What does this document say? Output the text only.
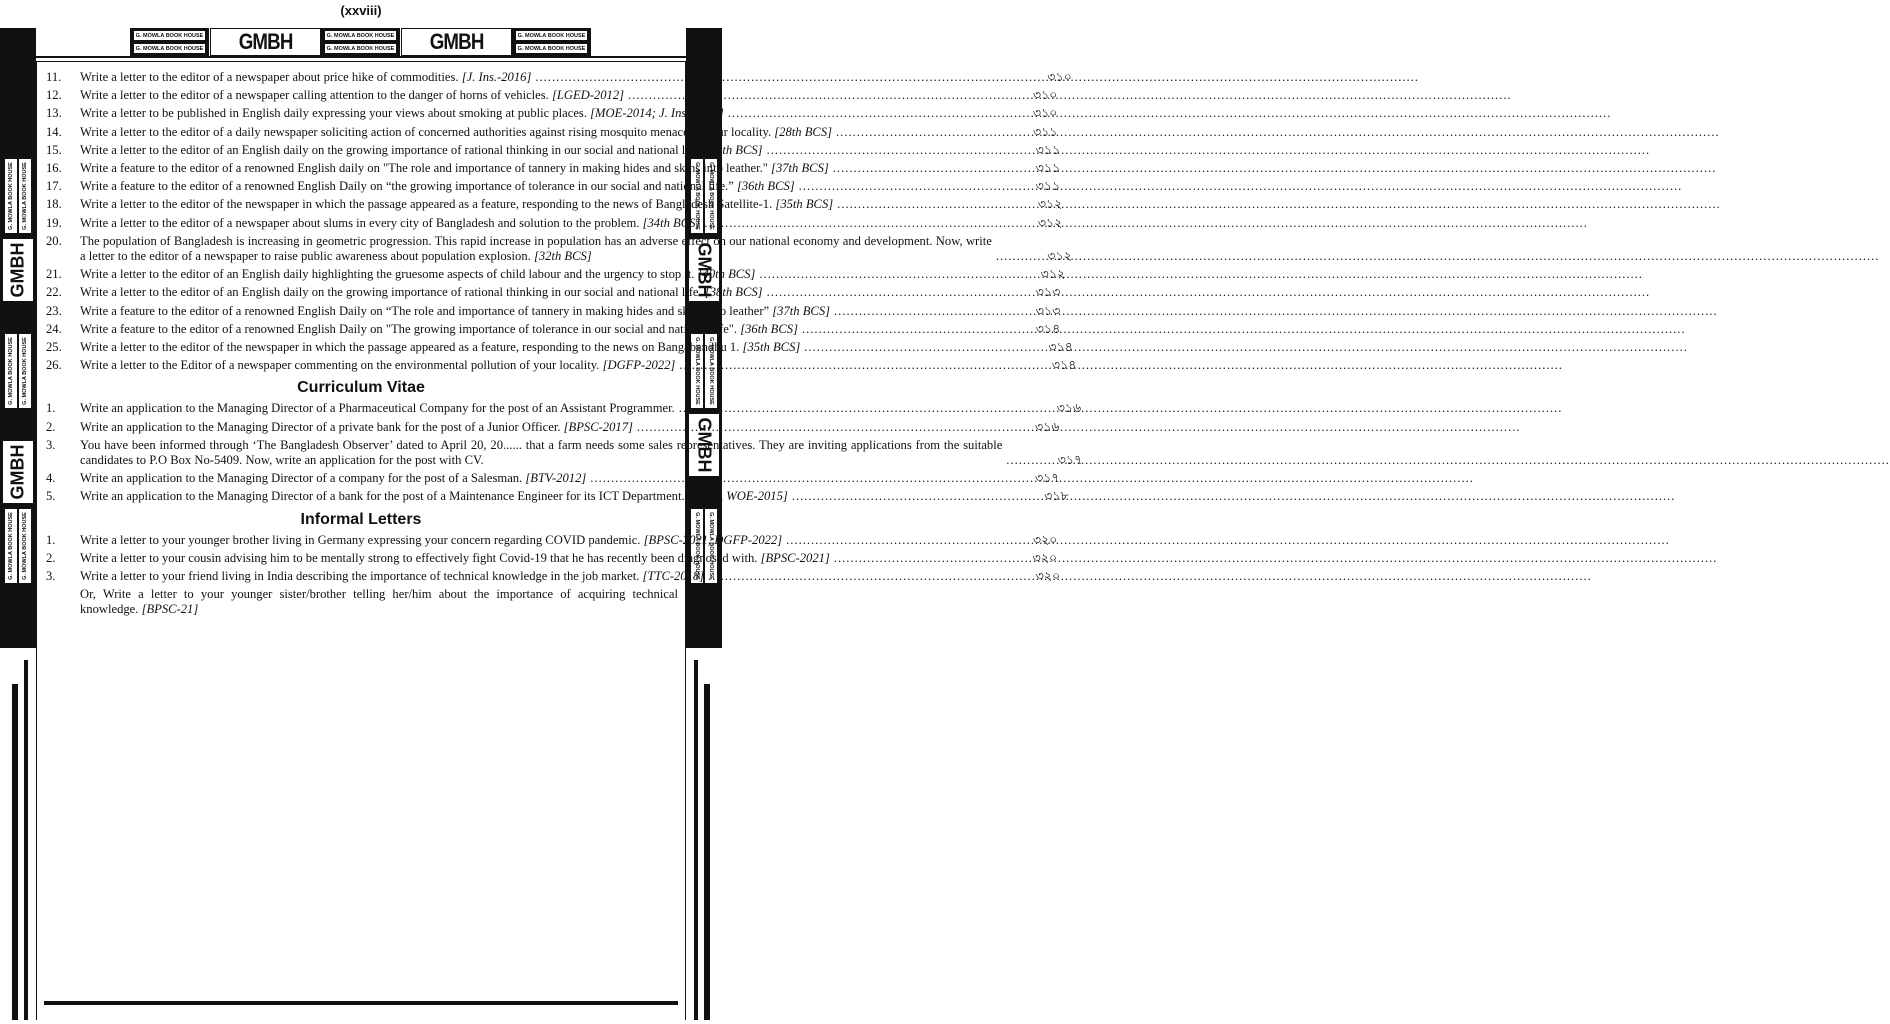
(xxviii)
G. MOWLA BOOK HOUSE
G. MOWLA BOOK HOUSE GMBH	G. MOWLA BOOK HOUSE
G. MOWLA BOOK HOUSE GMBH	G. MOWLA BOOK HOUSE
G. MOWLA BOOK HOUSE
G. MOWLA BOOK HOUSE G. MOWLA BOOK HOUSE
GMBH
G. MOWLA BOOK HOUSE G. MOWLA BOOK HOUSE
GMBH
G. MOWLA BOOK HOUSE G. MOWLA BOOK HOUSE
G. MOWLA BOOK HOUSE G. MOWLA BOOK HOUSE
GMBH
G. MOWLA BOOK HOUSE G. MOWLA BOOK HOUSE
GMBH
G. MOWLA BOOK HOUSE G. MOWLA BOOK HOUSE
11.	Write a letter to the editor of a newspaper about price hike of commodities. [J. Ins.-2016] .....	৩১০
12.	Write a letter to the editor of a newspaper calling attention to the danger of horns of vehicles. [LGED-2012] .....	৩১০
13.	Write a letter to be published in English daily expressing your views about smoking at public places. [MOE-2014; J. Ins.-2014] .....	৩১০
14.	Write a letter to the editor of a daily newspaper soliciting action of concerned authorities against rising mosquito menace in your locality. [28th BCS] .....	৩১১
15.	Write a letter to the editor of an English daily on the growing importance of rational thinking in our social and national life. [38th BCS] .....	৩১১
16.	Write a feature to the editor of a renowned English daily on "The role and importance of tannery in making hides and skins into leather." [37th BCS] .....	৩১১
17.	Write a feature to the editor of a renowned English Daily on “the growing importance of tolerance in our social and national life.” [36th BCS] .....	৩১১
18.	Write a letter to the editor of the newspaper in which the passage appeared as a feature, responding to the news of Bangladesh Satellite-1. [35th BCS] .....	৩১২
19.	Write a letter to the editor of a newspaper about slums in every city of Bangladesh and solution to the problem. [34th BCS] .....	৩১২
20.	The population of Bangladesh is increasing in geometric progression. This rapid increase in population has an adverse effect on our national economy and development. Now, write a letter to the editor of a newspaper to raise public awareness about population explosion. [32th BCS] .....	৩১২
21.	Write a letter to the editor of an English daily highlighting the gruesome aspects of child labour and the urgency to stop it. [40th BCS] .....	৩১২
22.	Write a letter to the editor of an English daily on the growing importance of rational thinking in our social and national life. [38th BCS] .....	৩১৩
23.	Write a feature to the editor of a renowned English Daily on “The role and importance of tannery in making hides and skins into leather” [37th BCS] .....	৩১৩
24.	Write a feature to the editor of a renowned English Daily on "The growing importance of tolerance in our social and national life". [36th BCS] .....	৩১৪
25.	Write a letter to the editor of the newspaper in which the passage appeared as a feature, responding to the news on Bangabandhu 1. [35th BCS] .....	৩১৪
26.	Write a letter to the Editor of a newspaper commenting on the environmental pollution of your locality. [DGFP-2022] .....	৩১৪
Curriculum Vitae
1.	Write an application to the Managing Director of a Pharmaceutical Company for the post of an Assistant Programmer. .....	৩১৬
2.	Write an application to the Managing Director of a private bank for the post of a Junior Officer. [BPSC-2017] .....	৩১৬
3.	You have been informed through ‘The Bangladesh Observer’ dated to April 20, 20...... that a farm needs some sales representatives. They are inviting applications from the suitable candidates to P.O Box No-5409. Now, write an application for the post with CV. .....	৩১৭
4.	Write an application to the Managing Director of a company for the post of a Salesman. [BTV-2012] .....	৩১৭
5.	Write an application to the Managing Director of a bank for the post of a Maintenance Engineer for its ICT Department. [MOE, WOE-2015] .....	৩১৮
Informal Letters
1.	Write a letter to your younger brother living in Germany expressing your concern regarding COVID pandemic. [BPSC-2021, DGFP-2022] .....	৩২০
2.	Write a letter to your cousin advising him to be mentally strong to effectively fight Covid-19 that he has recently been diagnosed with. [BPSC-2021] .....	৩২০
3.	Write a letter to your friend living in India describing the importance of technical knowledge in the job market. [TTC-2018] .....	৩২০
Or, Write a letter to your younger sister/brother telling her/him about the importance of acquiring technical knowledge. [BPSC-21]
